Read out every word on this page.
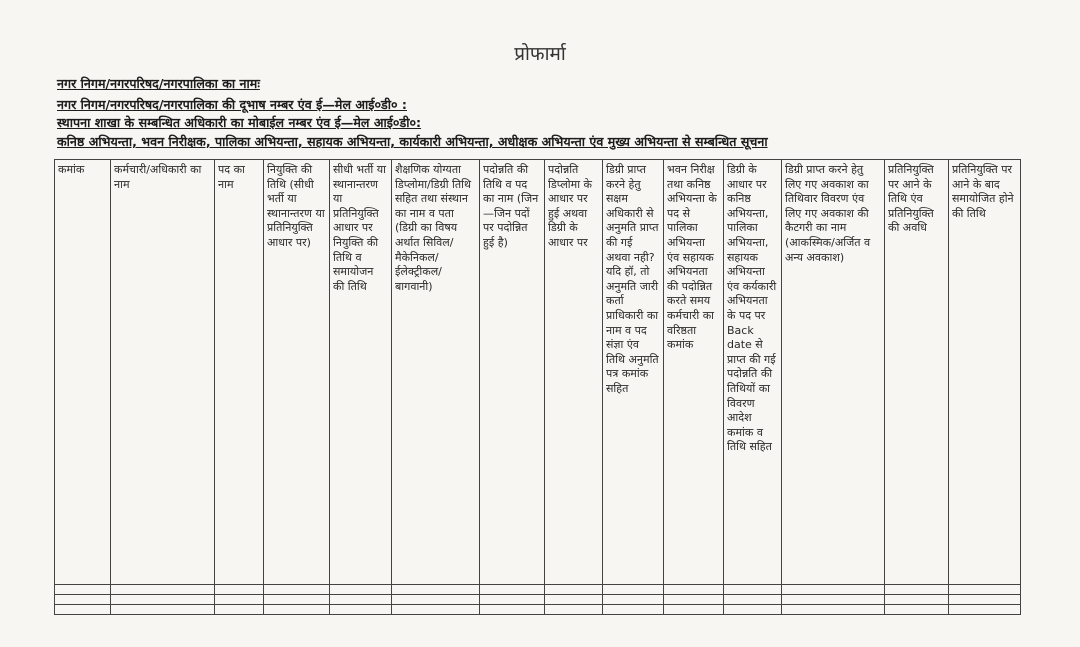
प्रोफार्मा
नगर निगम/नगरपरिषद/नगरपालिका का नामः
नगर निगम/नगरपरिषद/नगरपालिका की दूभाष नम्बर एंव ई—मेल आई०डी० :
स्थापना शाखा के सम्बन्धित अधिकारी का मोबाईल नम्बर एंव ई—मेल आई०डी०:
कनिष्ठ अभियन्ता, भवन निरीक्षक, पालिका अभियन्ता, सहायक अभियन्ता, कार्यकारी अभियन्ता, अधीक्षक अभियन्ता एंव मुख्य अभियन्ता से सम्बन्धित सूचना
कमांक	कर्मचारी/अधिकारी का नाम	पद का नाम	नियुक्ति की तिथि (सीधी भर्ती या स्थानान्तरण या प्रतिनियुक्ति आधार पर)	सीधी भर्ती या स्थानान्तरण या प्रतिनियुक्ति आधार पर नियुक्ति की तिथि व समायोजन की तिथि	शैक्षणिक योग्यता डिप्लोमा/डिग्री तिथि सहित तथा संस्थान का नाम व पता (डिग्री का विषय अर्थात सिविल/मैकेनिकल/ईलेक्ट्रीकल/बागवानी)	पदोन्नति की तिथि व पद का नाम (जिन—जिन पदों पर पदोन्नित हुई है)	पदोन्नति डिप्लोमा के आधार पर हुई अथवा डिग्री के आधार पर	डिग्री प्राप्त करने हेतु सक्षम अधिकारी से अनुमति प्राप्त की गई अथवा नही? यदि हॉ, तो अनुमति जारी कर्ता प्राधिकारी का नाम व पद संज्ञा एंव तिथि अनुमति पत्र कमांक सहित	भवन निरीक्ष तथा कनिष्ठ अभियन्ता के पद से पालिका अभियन्ता एंव सहायक अभियनता की पदोन्नित करते समय कर्मचारी का वरिष्ठता कमांक	डिग्री के आधार पर कनिष्ठ अभियन्ता, पालिका अभियन्ता, सहायक अभियन्ता एंव कर्यकारी अभियनता के पद पर Back date से प्राप्त की गई पदोन्नति की तिथियों का विवरण आदेश कमांक व तिथि सहित	डिग्री प्राप्त करने हेतु लिए गए अवकाश का तिथिवार विवरण एंव लिए गए अवकाश की कैटगरी का नाम (आकस्मिक/अर्जित व अन्य अवकाश)	प्रतिनियुक्ति पर आने के तिथि एंव प्रतिनियुक्ति की अवधि	प्रतिनियुक्ति पर आने के बाद समायोजित होने की तिथि
